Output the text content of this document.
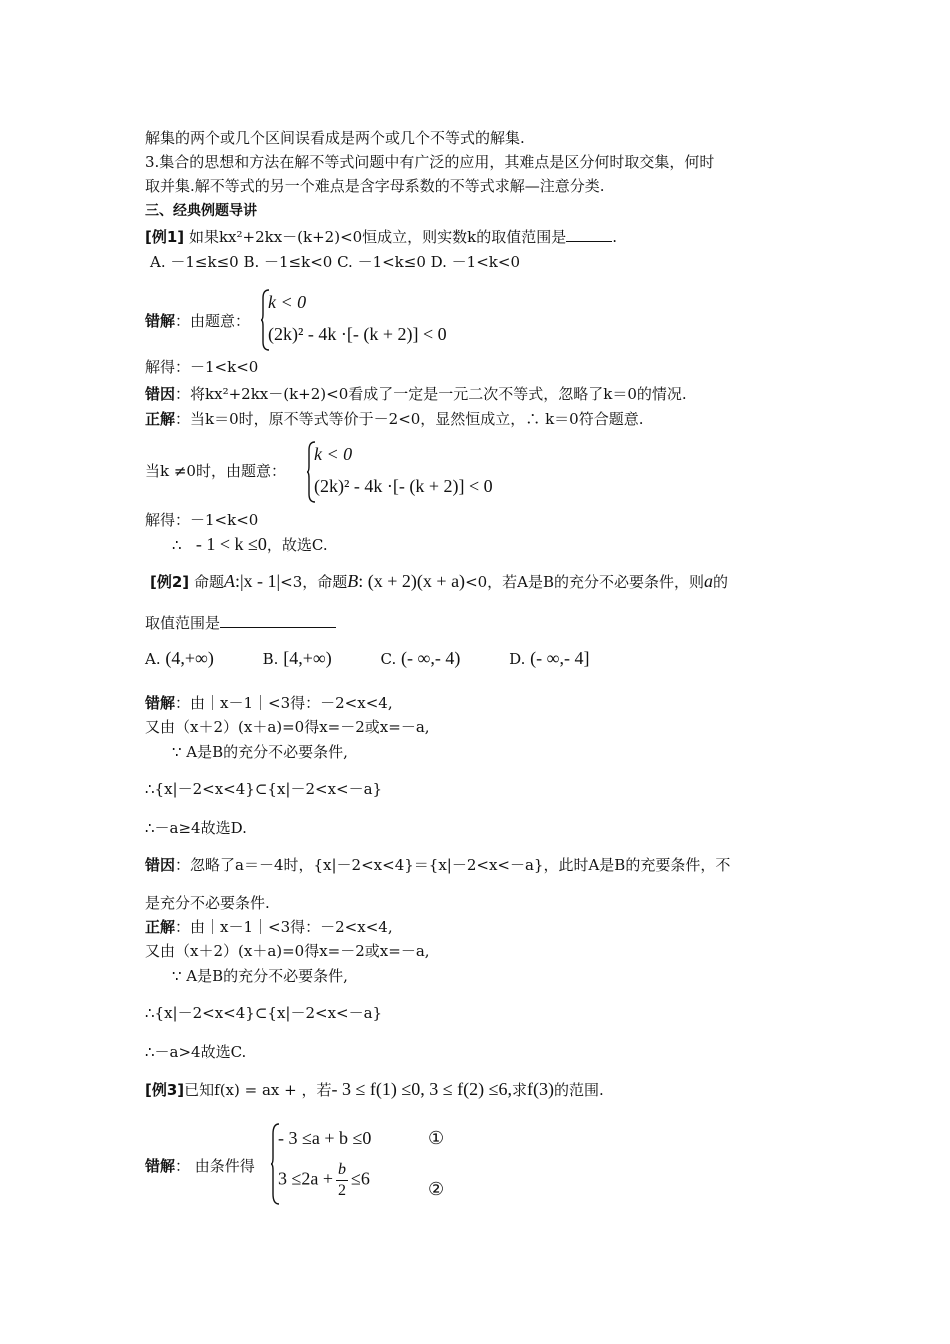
解集的两个或几个区间误看成是两个或几个不等式的解集.
3.集合的思想和方法在解不等式问题中有广泛的应用，其难点是区分何时取交集，何时
取并集.解不等式的另一个难点是含字母系数的不等式求解—注意分类.
三、经典例题导讲
[例1] 如果kx²+2kx－(k+2)<0恒成立，则实数k的取值范围是	.
A. －1≤k≤0 B. －1≤k<0 C. －1<k≤0 D. －1<k<0
错解：由题意：
k < 0
(2k)² - 4k ·[- (k + 2)] < 0
解得：－1<k<0
错因：将kx²+2kx－(k+2)<0看成了一定是一元二次不等式，忽略了k＝0的情况.
正解：当k＝0时，原不等式等价于－2<0，显然恒成立，∴ k＝0符合题意.
当k ≠0时，由题意：
k < 0
(2k)² - 4k ·[- (k + 2)] < 0
解得：－1<k<0
∴ - 1 < k ≤0，故选C.
[例2] 命题A:|x - 1|<3，命题B: (x + 2)(x + a)<0，若A是B的充分不必要条件，则a的
取值范围是
A. (4,+∞)	B. [4,+∞)	C. (- ∞,- 4)	D. (- ∞,- 4]
错解：由｜x－1｜<3得：－2<x<4,
又由（x＋2）(x＋a)=0得x=－2或x=－a,
∵ A是B的充分不必要条件,
∴{x|－2<x<4}⊂{x|－2<x<－a}
∴－a≥4故选D.
错因：忽略了a＝－4时，{x|－2<x<4}＝{x|－2<x<－a}，此时A是B的充要条件，不
是充分不必要条件.
正解：由｜x－1｜<3得：－2<x<4,
又由（x＋2）(x＋a)=0得x=－2或x=－a,
∵ A是B的充分不必要条件,
∴{x|－2<x<4}⊂{x|－2<x<－a}
∴－a>4故选C.
[例3]已知f(x) = ax + ，若- 3 ≤ f(1) ≤0, 3 ≤ f(2) ≤6,求f(3)的范围.
错解： 由条件得
- 3 ≤a + b ≤0
$3 \le 2a + \frac{b}{2} \le 6$
①
②
